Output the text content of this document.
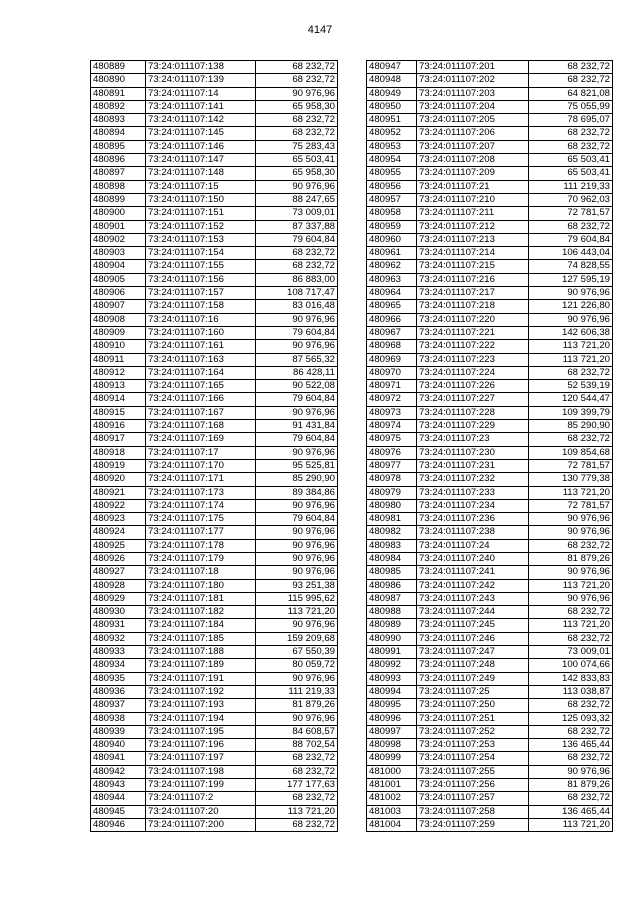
4147
480889	73:24:011107:138	68 232,72
480890	73:24:011107:139	68 232,72
480891	73:24:011107:14	90 976,96
480892	73:24:011107:141	65 958,30
480893	73:24:011107:142	68 232,72
480894	73:24:011107:145	68 232,72
480895	73:24:011107:146	75 283,43
480896	73:24:011107:147	65 503,41
480897	73:24:011107:148	65 958,30
480898	73:24:011107:15	90 976,96
480899	73:24:011107:150	88 247,65
480900	73:24:011107:151	73 009,01
480901	73:24:011107:152	87 337,88
480902	73:24:011107:153	79 604,84
480903	73:24:011107:154	68 232,72
480904	73:24:011107:155	68 232,72
480905	73:24:011107:156	86 883,00
480906	73:24:011107:157	108 717,47
480907	73:24:011107:158	83 016,48
480908	73:24:011107:16	90 976,96
480909	73:24:011107:160	79 604,84
480910	73:24:011107:161	90 976,96
480911	73:24:011107:163	87 565,32
480912	73:24:011107:164	86 428,11
480913	73:24:011107:165	90 522,08
480914	73:24:011107:166	79 604,84
480915	73:24:011107:167	90 976,96
480916	73:24:011107:168	91 431,84
480917	73:24:011107:169	79 604,84
480918	73:24:011107:17	90 976,96
480919	73:24:011107:170	95 525,81
480920	73:24:011107:171	85 290,90
480921	73:24:011107:173	89 384,86
480922	73:24:011107:174	90 976,96
480923	73:24:011107:175	79 604,84
480924	73:24:011107:177	90 976,96
480925	73:24:011107:178	90 976,96
480926	73:24:011107:179	90 976,96
480927	73:24:011107:18	90 976,96
480928	73:24:011107:180	93 251,38
480929	73:24:011107:181	115 995,62
480930	73:24:011107:182	113 721,20
480931	73:24:011107:184	90 976,96
480932	73:24:011107:185	159 209,68
480933	73:24:011107:188	67 550,39
480934	73:24:011107:189	80 059,72
480935	73:24:011107:191	90 976,96
480936	73:24:011107:192	111 219,33
480937	73:24:011107:193	81 879,26
480938	73:24:011107:194	90 976,96
480939	73:24:011107:195	84 608,57
480940	73:24:011107:196	88 702,54
480941	73:24:011107:197	68 232,72
480942	73:24:011107:198	68 232,72
480943	73:24:011107:199	177 177,63
480944	73:24:011107:2	68 232,72
480945	73:24:011107:20	113 721,20
480946	73:24:011107:200	68 232,72
480947	73:24:011107:201	68 232,72
480948	73:24:011107:202	68 232,72
480949	73:24:011107:203	64 821,08
480950	73:24:011107:204	75 055,99
480951	73:24:011107:205	78 695,07
480952	73:24:011107:206	68 232,72
480953	73:24:011107:207	68 232,72
480954	73:24:011107:208	65 503,41
480955	73:24:011107:209	65 503,41
480956	73:24:011107:21	111 219,33
480957	73:24:011107:210	70 962,03
480958	73:24:011107:211	72 781,57
480959	73:24:011107:212	68 232,72
480960	73:24:011107:213	79 604,84
480961	73:24:011107:214	106 443,04
480962	73:24:011107:215	74 828,55
480963	73:24:011107:216	127 595,19
480964	73:24:011107:217	90 976,96
480965	73:24:011107:218	121 226,80
480966	73:24:011107:220	90 976,96
480967	73:24:011107:221	142 606,38
480968	73:24:011107:222	113 721,20
480969	73:24:011107:223	113 721,20
480970	73:24:011107:224	68 232,72
480971	73:24:011107:226	52 539,19
480972	73:24:011107:227	120 544,47
480973	73:24:011107:228	109 399,79
480974	73:24:011107:229	85 290,90
480975	73:24:011107:23	68 232,72
480976	73:24:011107:230	109 854,68
480977	73:24:011107:231	72 781,57
480978	73:24:011107:232	130 779,38
480979	73:24:011107:233	113 721,20
480980	73:24:011107:234	72 781,57
480981	73:24:011107:236	90 976,96
480982	73:24:011107:238	90 976,96
480983	73:24:011107:24	68 232,72
480984	73:24:011107:240	81 879,26
480985	73:24:011107:241	90 976,96
480986	73:24:011107:242	113 721,20
480987	73:24:011107:243	90 976,96
480988	73:24:011107:244	68 232,72
480989	73:24:011107:245	113 721,20
480990	73:24:011107:246	68 232,72
480991	73:24:011107:247	73 009,01
480992	73:24:011107:248	100 074,66
480993	73:24:011107:249	142 833,83
480994	73:24:011107:25	113 038,87
480995	73:24:011107:250	68 232,72
480996	73:24:011107:251	125 093,32
480997	73:24:011107:252	68 232,72
480998	73:24:011107:253	136 465,44
480999	73:24:011107:254	68 232,72
481000	73:24:011107:255	90 976,96
481001	73:24:011107:256	81 879,26
481002	73:24:011107:257	68 232,72
481003	73:24:011107:258	136 465,44
481004	73:24:011107:259	113 721,20
